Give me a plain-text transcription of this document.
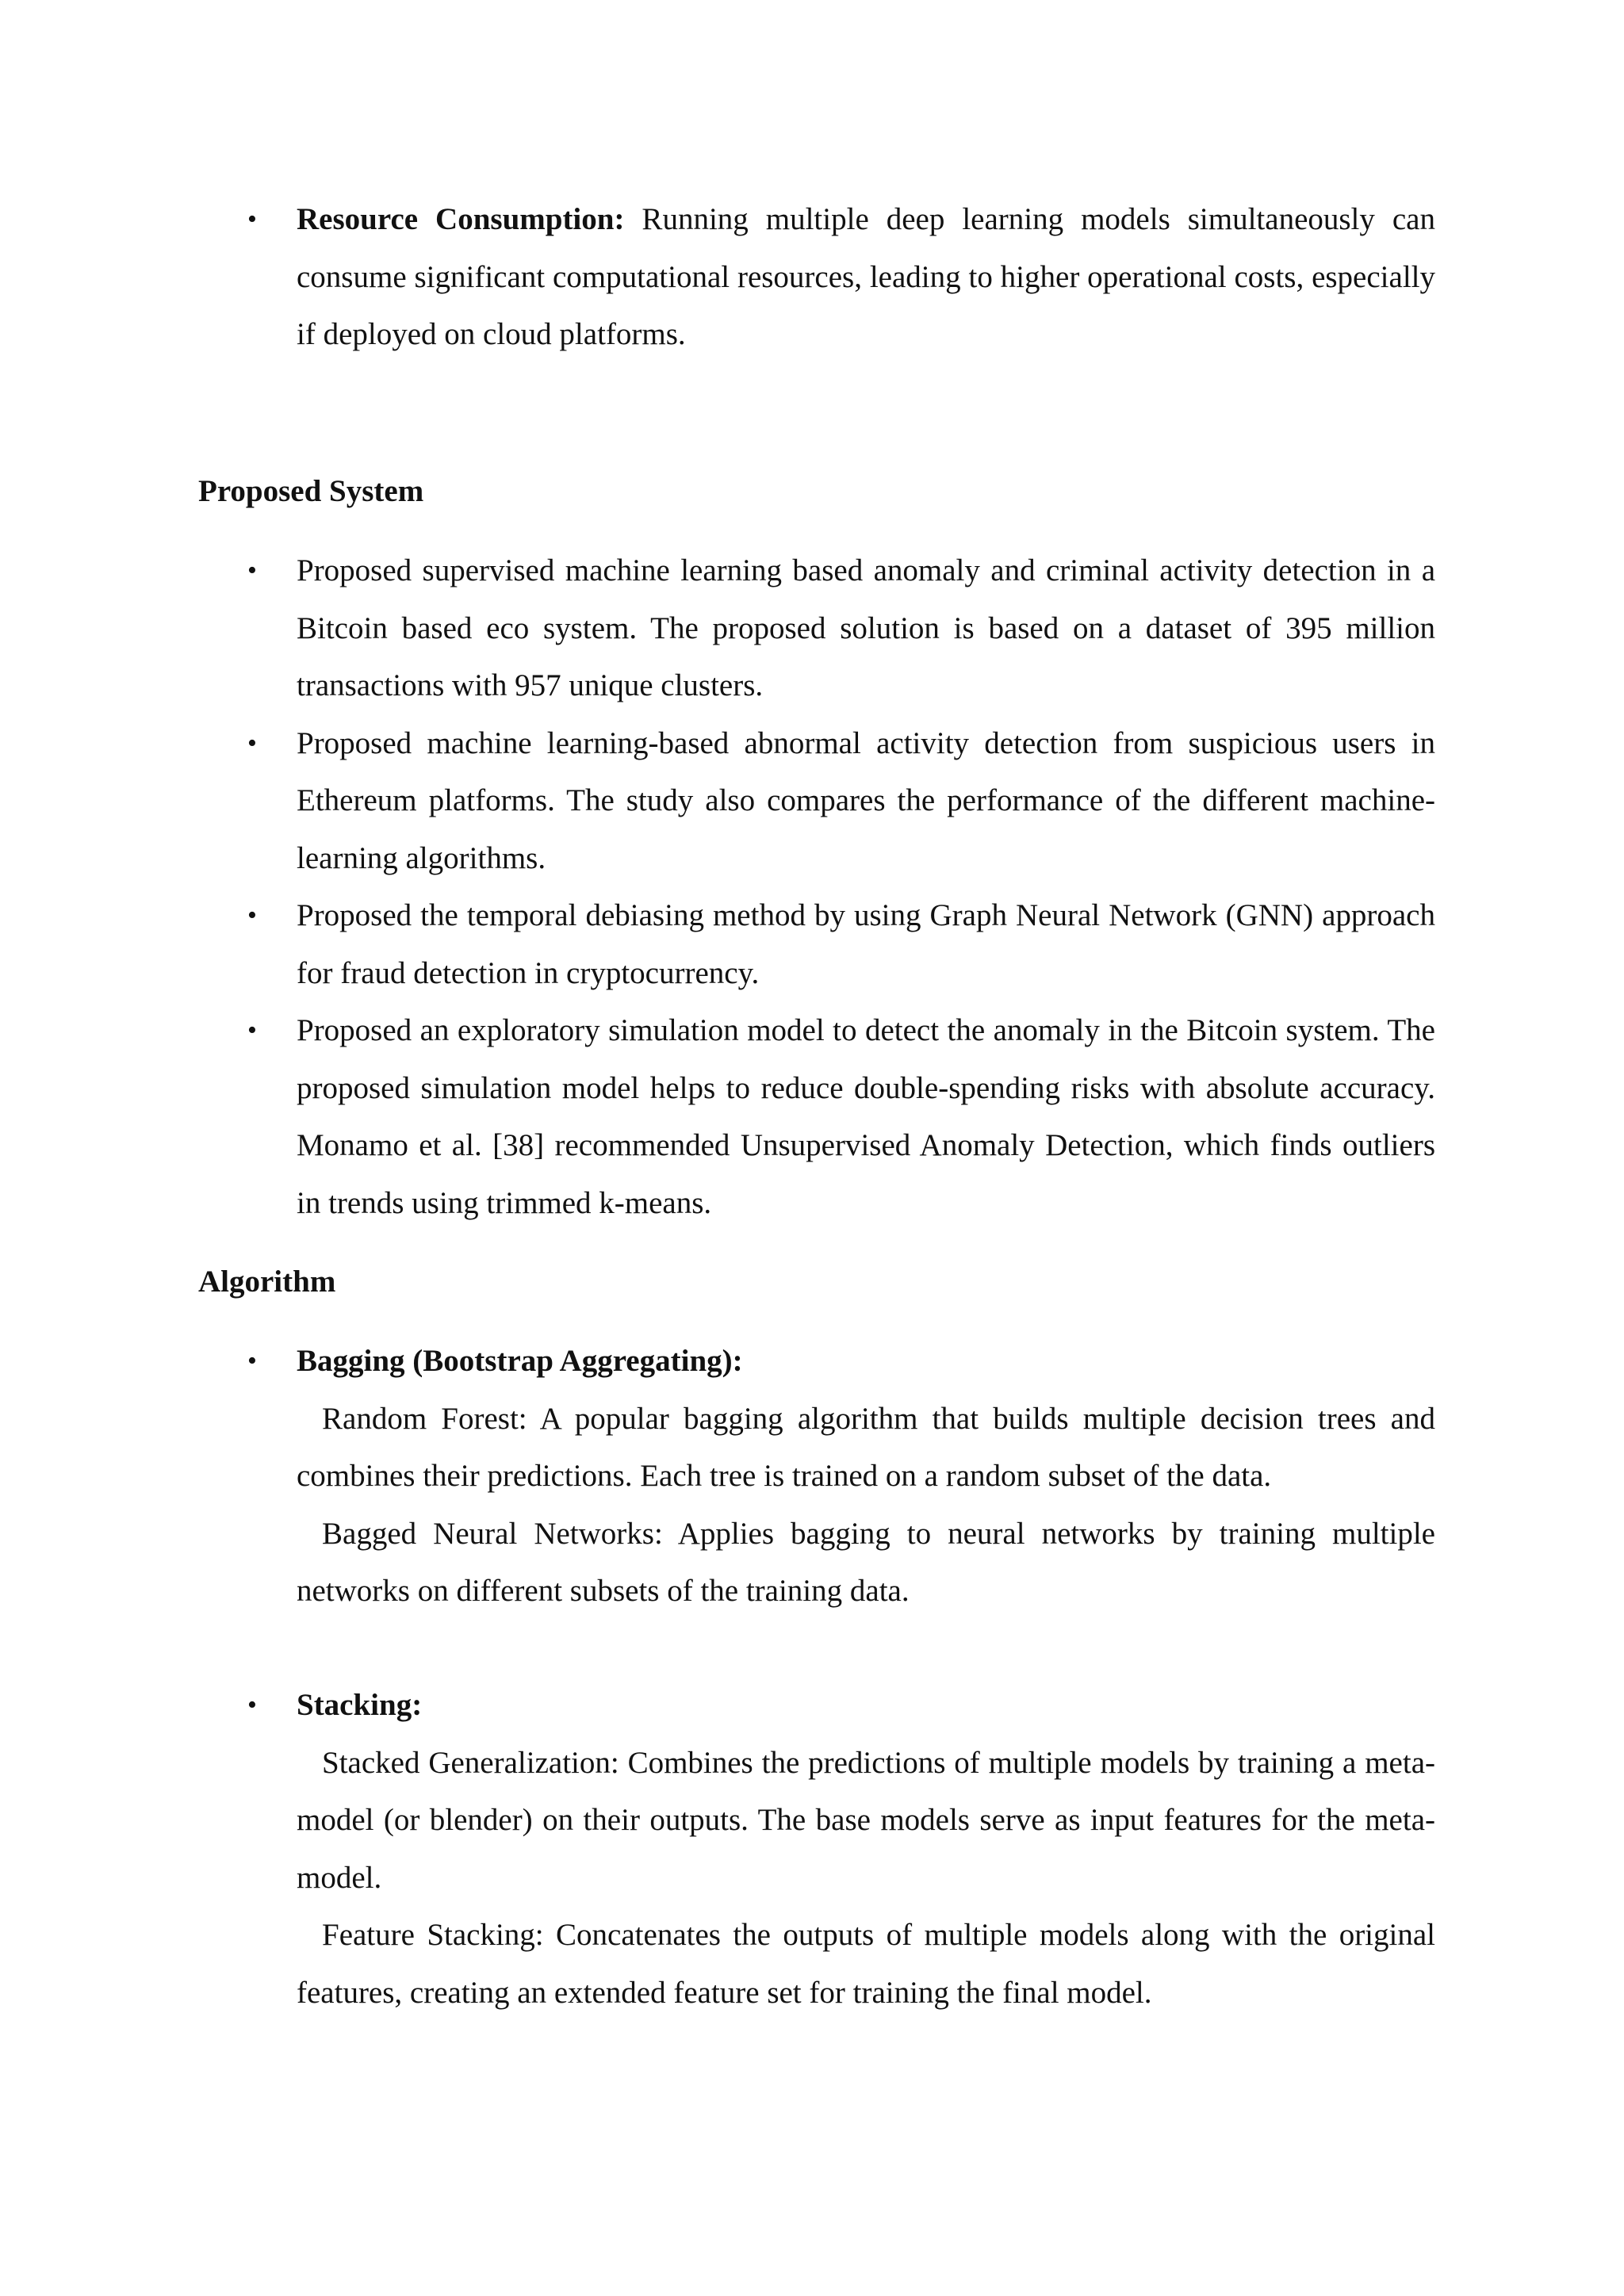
• Resource Consumption: Running multiple deep learning models simultaneously can consume significant computational resources, leading to higher operational costs, especially if deployed on cloud platforms.
Proposed System
• Proposed supervised machine learning based anomaly and criminal activity detection in a Bitcoin based eco system. The proposed solution is based on a dataset of 395 million transactions with 957 unique clusters.
• Proposed machine learning-based abnormal activity detection from suspicious users in Ethereum platforms. The study also compares the performance of the different machine-learning algorithms.
• Proposed the temporal debiasing method by using Graph Neural Network (GNN) approach for fraud detection in cryptocurrency.
• Proposed an exploratory simulation model to detect the anomaly in the Bitcoin system. The proposed simulation model helps to reduce double-spending risks with absolute accuracy. Monamo et al. [38] recommended Unsupervised Anomaly Detection, which finds outliers in trends using trimmed k-means.
Algorithm
• Bagging (Bootstrap Aggregating):
Random Forest: A popular bagging algorithm that builds multiple decision trees and combines their predictions. Each tree is trained on a random subset of the data.
Bagged Neural Networks: Applies bagging to neural networks by training multiple networks on different subsets of the training data.
• Stacking:
Stacked Generalization: Combines the predictions of multiple models by training a meta-model (or blender) on their outputs. The base models serve as input features for the meta-model.
Feature Stacking: Concatenates the outputs of multiple models along with the original features, creating an extended feature set for training the final model.
